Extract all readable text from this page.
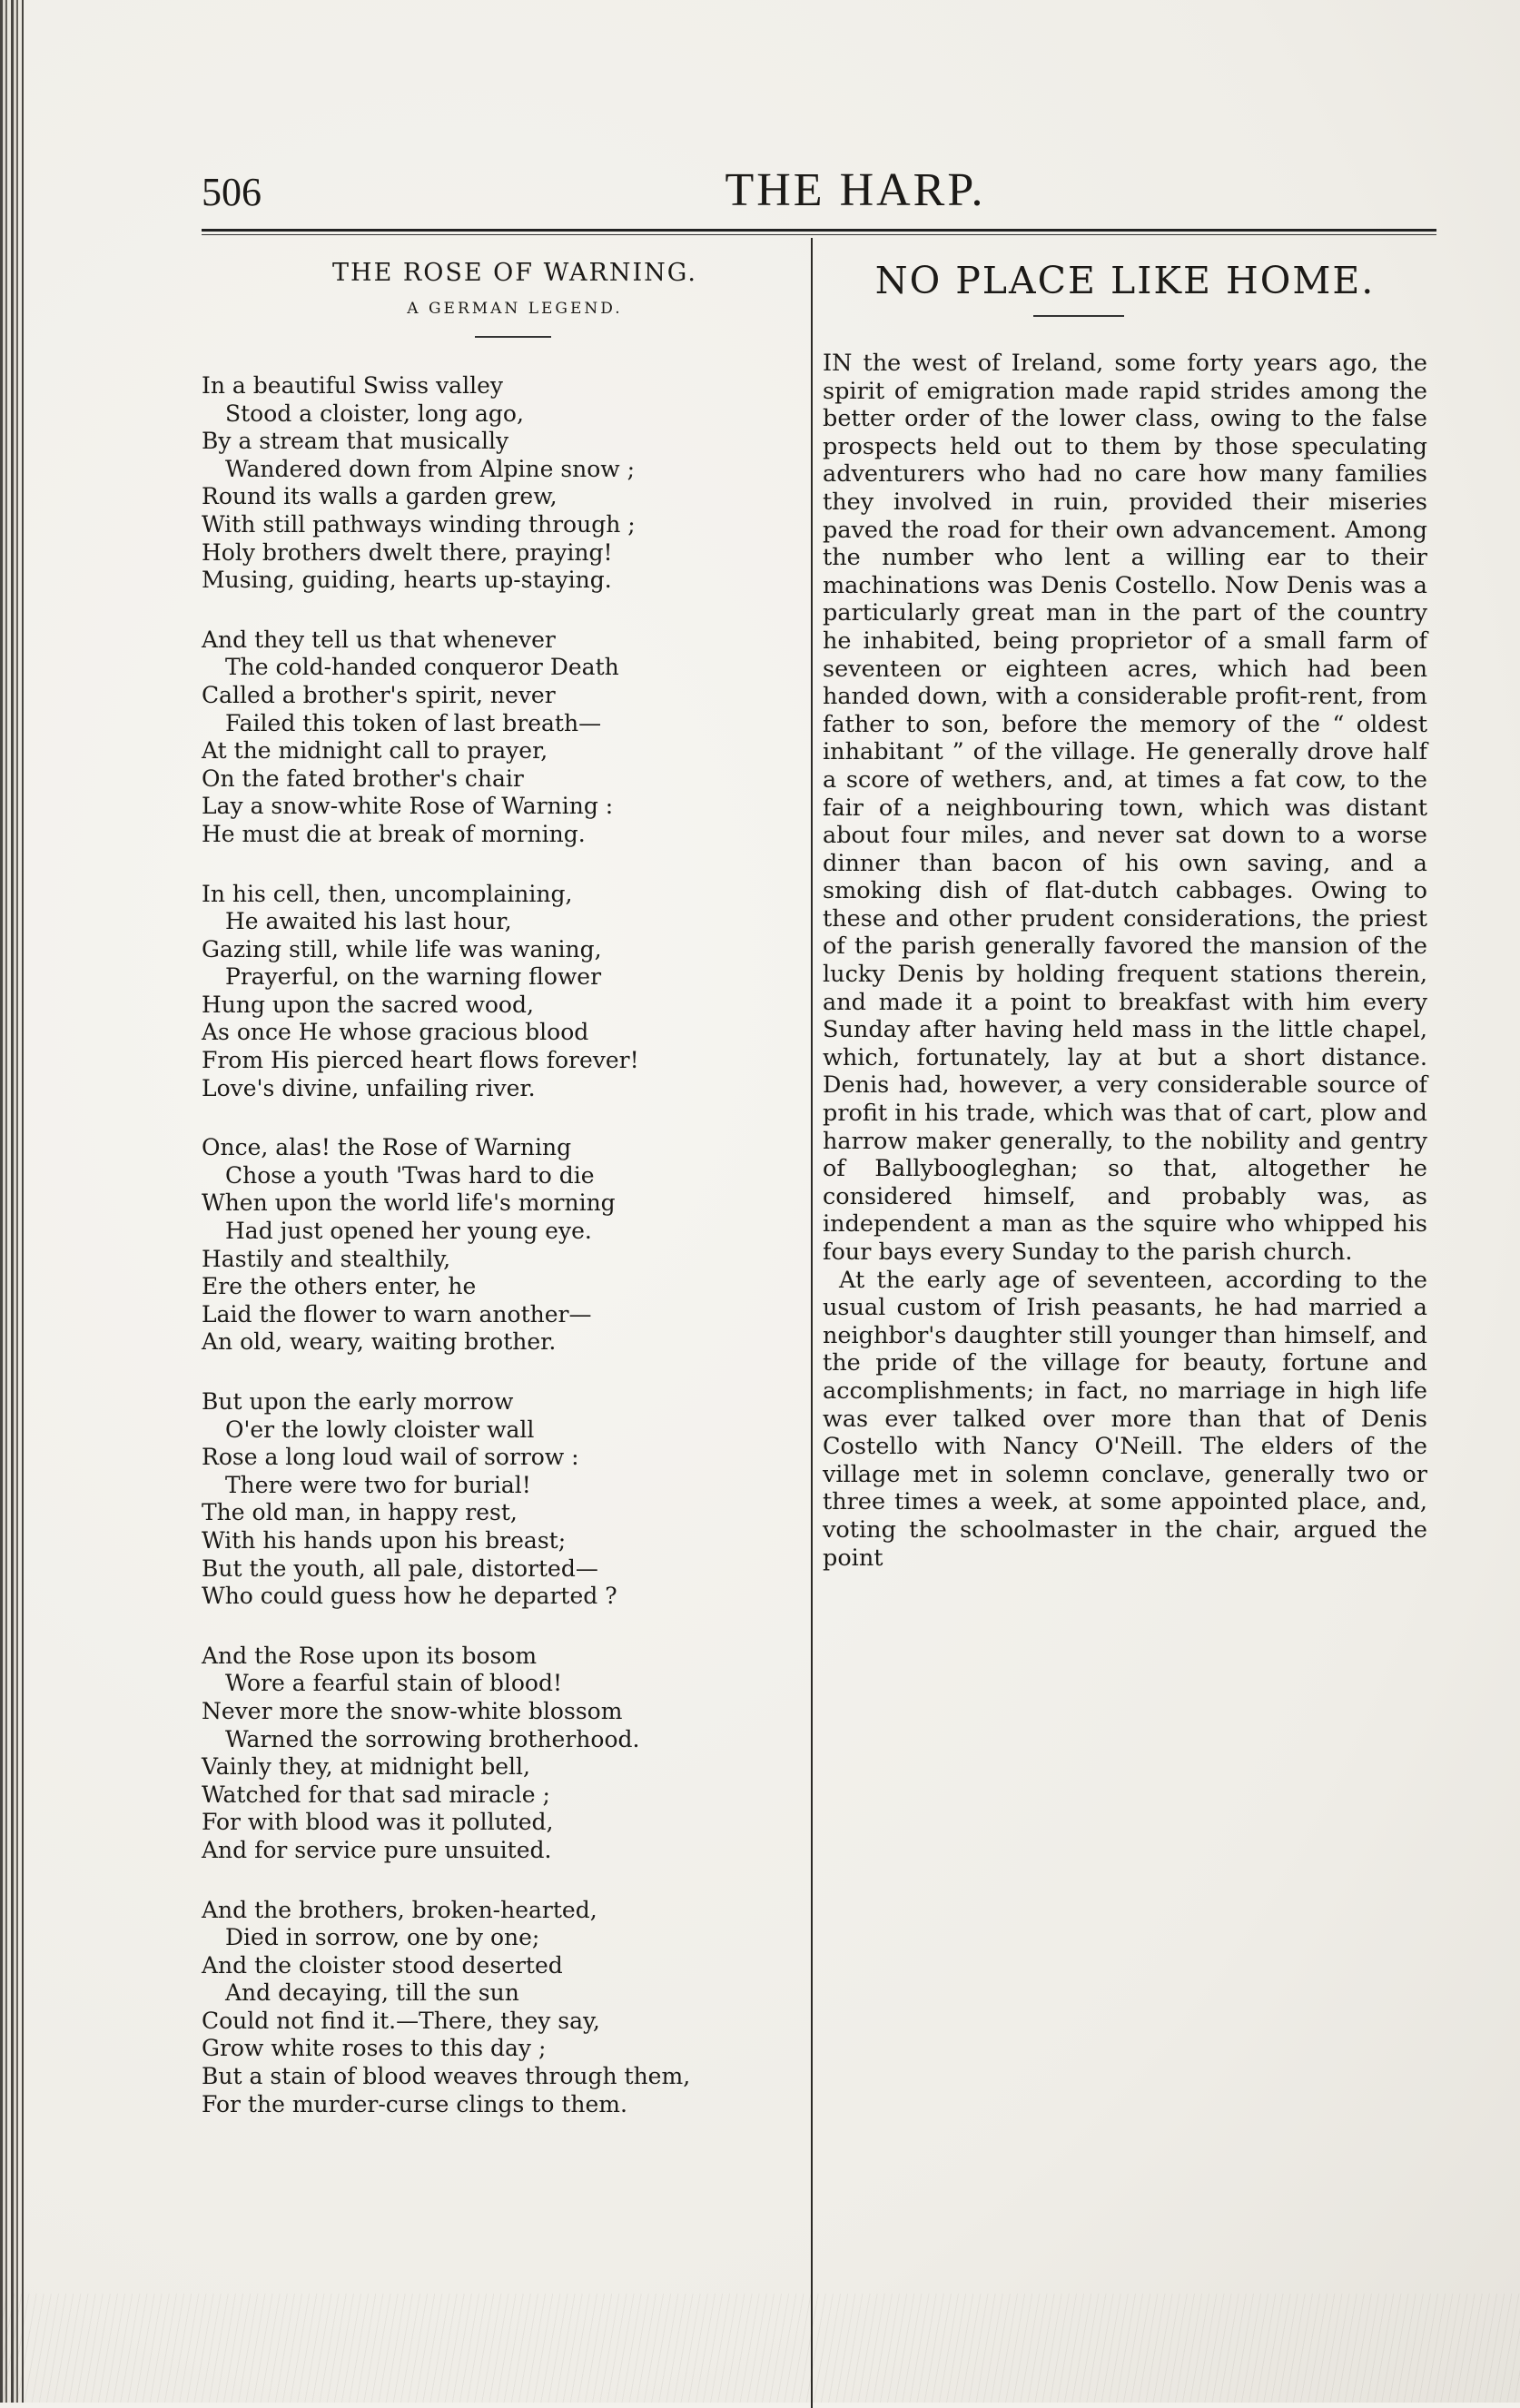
506	THE HARP.
THE ROSE OF WARNING.
A GERMAN LEGEND.
In a beautiful Swiss valley
Stood a cloister, long ago,
By a stream that musically
Wandered down from Alpine snow ;
Round its walls a garden grew,
With still pathways winding through ;
Holy brothers dwelt there, praying!
Musing, guiding, hearts up-staying.
And they tell us that whenever
The cold-handed conqueror Death
Called a brother's spirit, never
Failed this token of last breath—
At the midnight call to prayer,
On the fated brother's chair
Lay a snow-white Rose of Warning :
He must die at break of morning.
In his cell, then, uncomplaining,
He awaited his last hour,
Gazing still, while life was waning,
Prayerful, on the warning flower
Hung upon the sacred wood,
As once He whose gracious blood
From His pierced heart flows forever!
Love's divine, unfailing river.
Once, alas! the Rose of Warning
Chose a youth 'Twas hard to die
When upon the world life's morning
Had just opened her young eye.
Hastily and stealthily,
Ere the others enter, he
Laid the flower to warn another—
An old, weary, waiting brother.
But upon the early morrow
O'er the lowly cloister wall
Rose a long loud wail of sorrow :
There were two for burial!
The old man, in happy rest,
With his hands upon his breast;
But the youth, all pale, distorted—
Who could guess how he departed ?
And the Rose upon its bosom
Wore a fearful stain of blood!
Never more the snow-white blossom
Warned the sorrowing brotherhood.
Vainly they, at midnight bell,
Watched for that sad miracle ;
For with blood was it polluted,
And for service pure unsuited.
And the brothers, broken-hearted,
Died in sorrow, one by one;
And the cloister stood deserted
And decaying, till the sun
Could not find it.—There, they say,
Grow white roses to this day ;
But a stain of blood weaves through them,
For the murder-curse clings to them.
NO PLACE LIKE HOME.

IN the west of Ireland, some forty years ago, the spirit of emigration made rapid strides among the better order of the lower class, owing to the false prospects held out to them by those speculating adventurers who had no care how many families they involved in ruin, provided their miseries paved the road for their own advancement. Among the number who lent a willing ear to their machinations was Denis Costello. Now Denis was a particularly great man in the part of the country he inhabited, being proprietor of a small farm of seventeen or eighteen acres, which had been handed down, with a considerable profit-rent, from father to son, before the memory of the “ oldest inhabitant ” of the village. He generally drove half a score of wethers, and, at times a fat cow, to the fair of a neighbouring town, which was distant about four miles, and never sat down to a worse dinner than bacon of his own saving, and a smoking dish of flat-dutch cabbages. Owing to these and other prudent considerations, the priest of the parish generally favored the mansion of the lucky Denis by holding frequent stations therein, and made it a point to breakfast with him every Sunday after having held mass in the little chapel, which, fortunately, lay at but a short distance. Denis had, however, a very considerable source of profit in his trade, which was that of cart, plow and harrow maker generally, to the nobility and gentry of Ballyboogleghan; so that, altogether he considered himself, and probably was, as independent a man as the squire who whipped his four bays every Sunday to the parish church.

At the early age of seventeen, according to the usual custom of Irish peasants, he had married a neighbor's daughter still younger than himself, and the pride of the village for beauty, fortune and accomplishments; in fact, no marriage in high life was ever talked over more than that of Denis Costello with Nancy O'Neill. The elders of the village met in solemn conclave, generally two or three times a week, at some appointed place, and, voting the schoolmaster in the chair, argued the point
